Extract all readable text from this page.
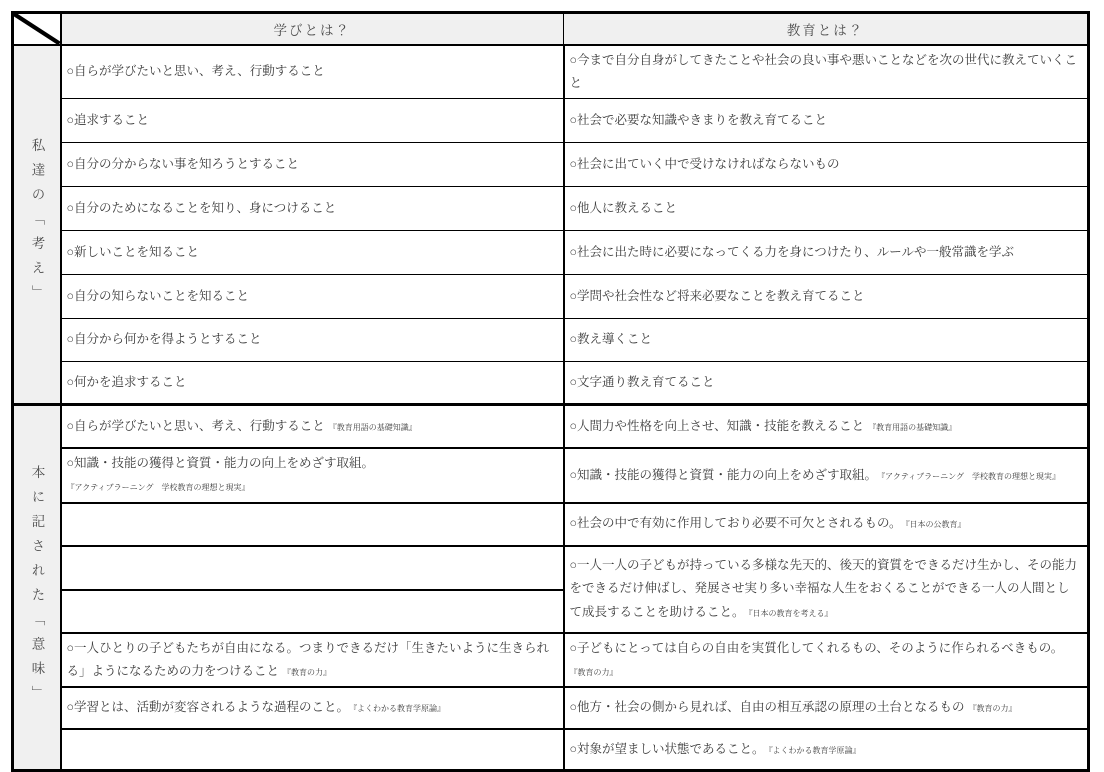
	学びとは？	教育とは？

私達の「考え」	○自らが学びたいと思い、考え、行動すること	○今まで自分自身がしてきたことや社会の良い事や悪いことなどを次の世代に教えていくこと
	○追求すること	○社会で必要な知識やきまりを教え育てること
	○自分の分からない事を知ろうとすること	○社会に出ていく中で受けなければならないもの
	○自分のためになることを知り、身につけること	○他人に教えること
	○新しいことを知ること	○社会に出た時に必要になってくる力を身につけたり、ルールや一般常識を学ぶ
	○自分の知らないことを知ること	○学問や社会性など将来必要なことを教え育てること
	○自分から何かを得ようとすること	○教え導くこと
	○何かを追求すること	○文字通り教え育てること

本に記された「意味」	○自らが学びたいと思い、考え、行動すること 『教育用語の基礎知識』	○人間力や性格を向上させ、知識・技能を教えること 『教育用語の基礎知識』
	○知識・技能の獲得と資質・能力の向上をめざす取組。『アクティブラーニング　学校教育の理想と現実』	○知識・技能の獲得と資質・能力の向上をめざす取組。 『アクティブラーニング　学校教育の理想と現実』
		○社会の中で有効に作用しており必要不可欠とされるもの。 『日本の公教育』
		○一人一人の子どもが持っている多様な先天的、後天的資質をできるだけ生かし、その能力をできるだけ伸ばし、発展させ実り多い幸福な人生をおくることができる一人の人間として成長することを助けること。 『日本の教育を考える』

	○一人ひとりの子どもたちが自由になる。つまりできるだけ「生きたいように生きられる」ようになるための力をつけること 『教育の力』	○子どもにとっては自らの自由を実質化してくれるもの、そのように作られるべきもの。『教育の力』
	○学習とは、活動が変容されるような過程のこと。 『よくわかる教育学原論』	○他方・社会の側から見れば、自由の相互承認の原理の土台となるもの 『教育の力』
		○対象が望ましい状態であること。 『よくわかる教育学原論』
